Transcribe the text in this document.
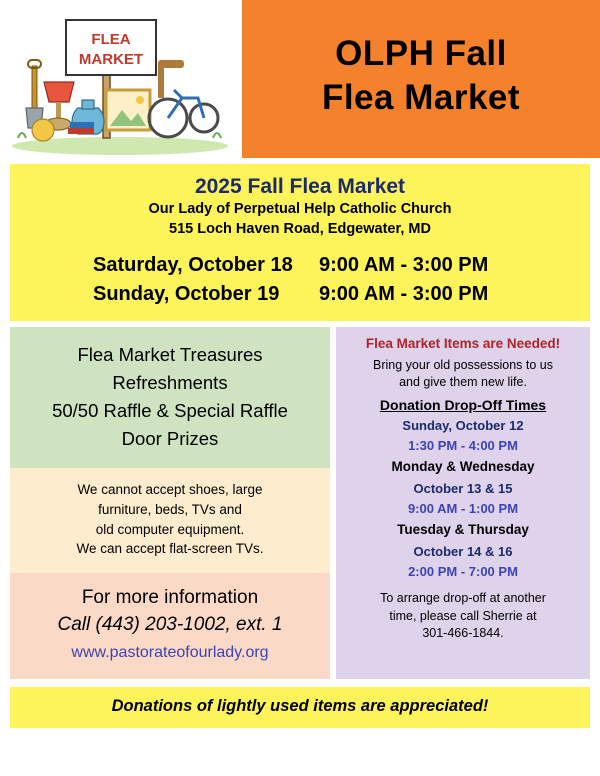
FLEA
MARKET	OLPH Fall
Flea Market
2025 Fall Flea Market
Our Lady of Perpetual Help Catholic Church
515 Loch Haven Road, Edgewater, MD
Saturday, October 18	9:00 AM - 3:00 PM
Sunday, October 19	9:00 AM - 3:00 PM
Flea Market Treasures
Refreshments
50/50 Raffle & Special Raffle
Door Prizes
We cannot accept shoes, large
furniture, beds, TVs and
old computer equipment.
We can accept flat-screen TVs.
For more information
Call (443) 203-1002, ext. 1
www.pastorateofourlady.org
Flea Market Items are Needed!
Bring your old possessions to us
and give them new life.
Donation Drop-Off Times
Sunday, October 12
1:30 PM - 4:00 PM
Monday & Wednesday
October 13 & 15
9:00 AM - 1:00 PM
Tuesday & Thursday
October 14 & 16
2:00 PM - 7:00 PM
To arrange drop-off at another
time, please call Sherrie at
301-466-1844.
Donations of lightly used items are appreciated!
